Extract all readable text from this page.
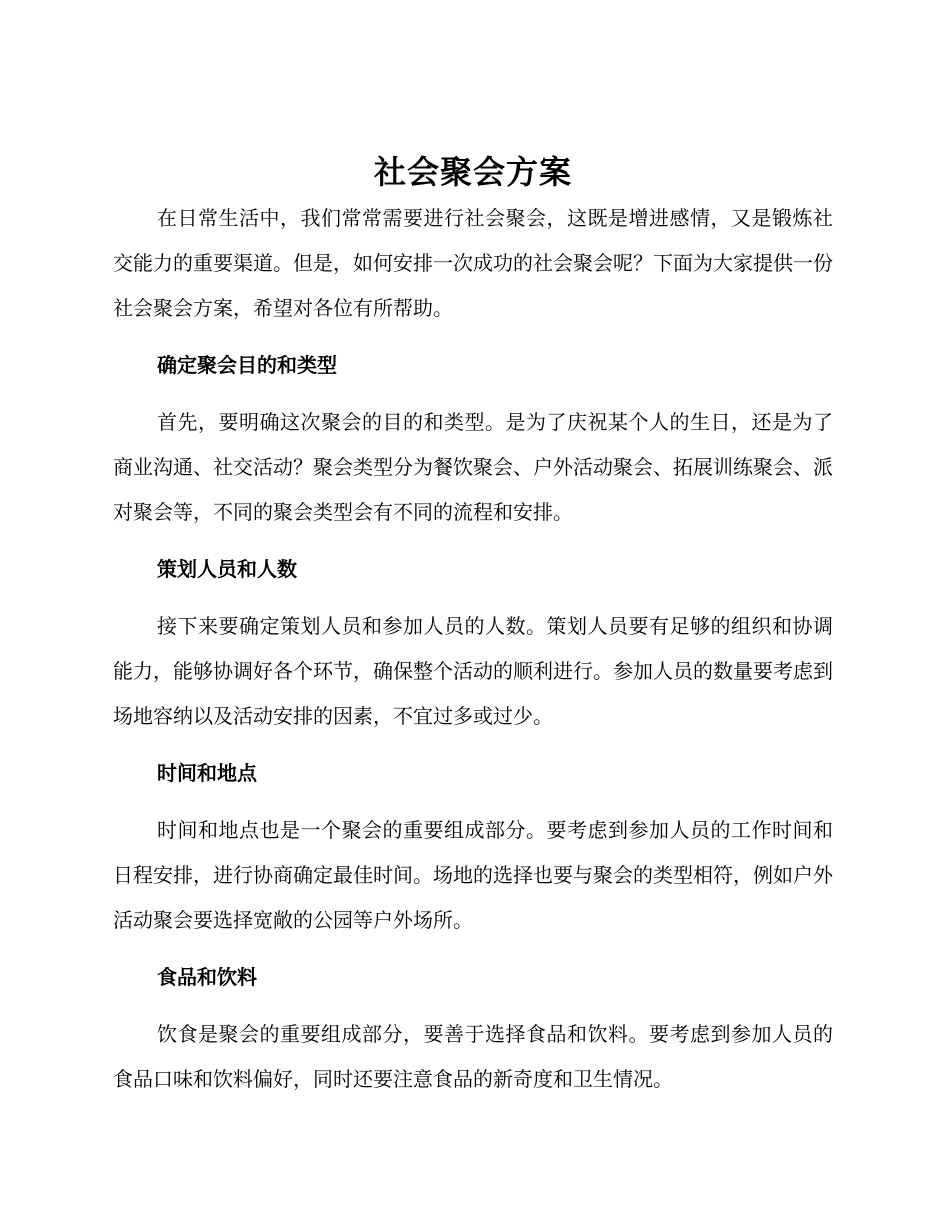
社会聚会方案

在日常生活中，我们常常需要进行社会聚会，这既是增进感情，又是锻炼社交能力的重要渠道。但是，如何安排一次成功的社会聚会呢？下面为大家提供一份社会聚会方案，希望对各位有所帮助。

确定聚会目的和类型

首先，要明确这次聚会的目的和类型。是为了庆祝某个人的生日，还是为了商业沟通、社交活动？聚会类型分为餐饮聚会、户外活动聚会、拓展训练聚会、派对聚会等，不同的聚会类型会有不同的流程和安排。

策划人员和人数

接下来要确定策划人员和参加人员的人数。策划人员要有足够的组织和协调能力，能够协调好各个环节，确保整个活动的顺利进行。参加人员的数量要考虑到场地容纳以及活动安排的因素，不宜过多或过少。

时间和地点

时间和地点也是一个聚会的重要组成部分。要考虑到参加人员的工作时间和日程安排，进行协商确定最佳时间。场地的选择也要与聚会的类型相符，例如户外活动聚会要选择宽敞的公园等户外场所。

食品和饮料

饮食是聚会的重要组成部分，要善于选择食品和饮料。要考虑到参加人员的食品口味和饮料偏好，同时还要注意食品的新奇度和卫生情况。
